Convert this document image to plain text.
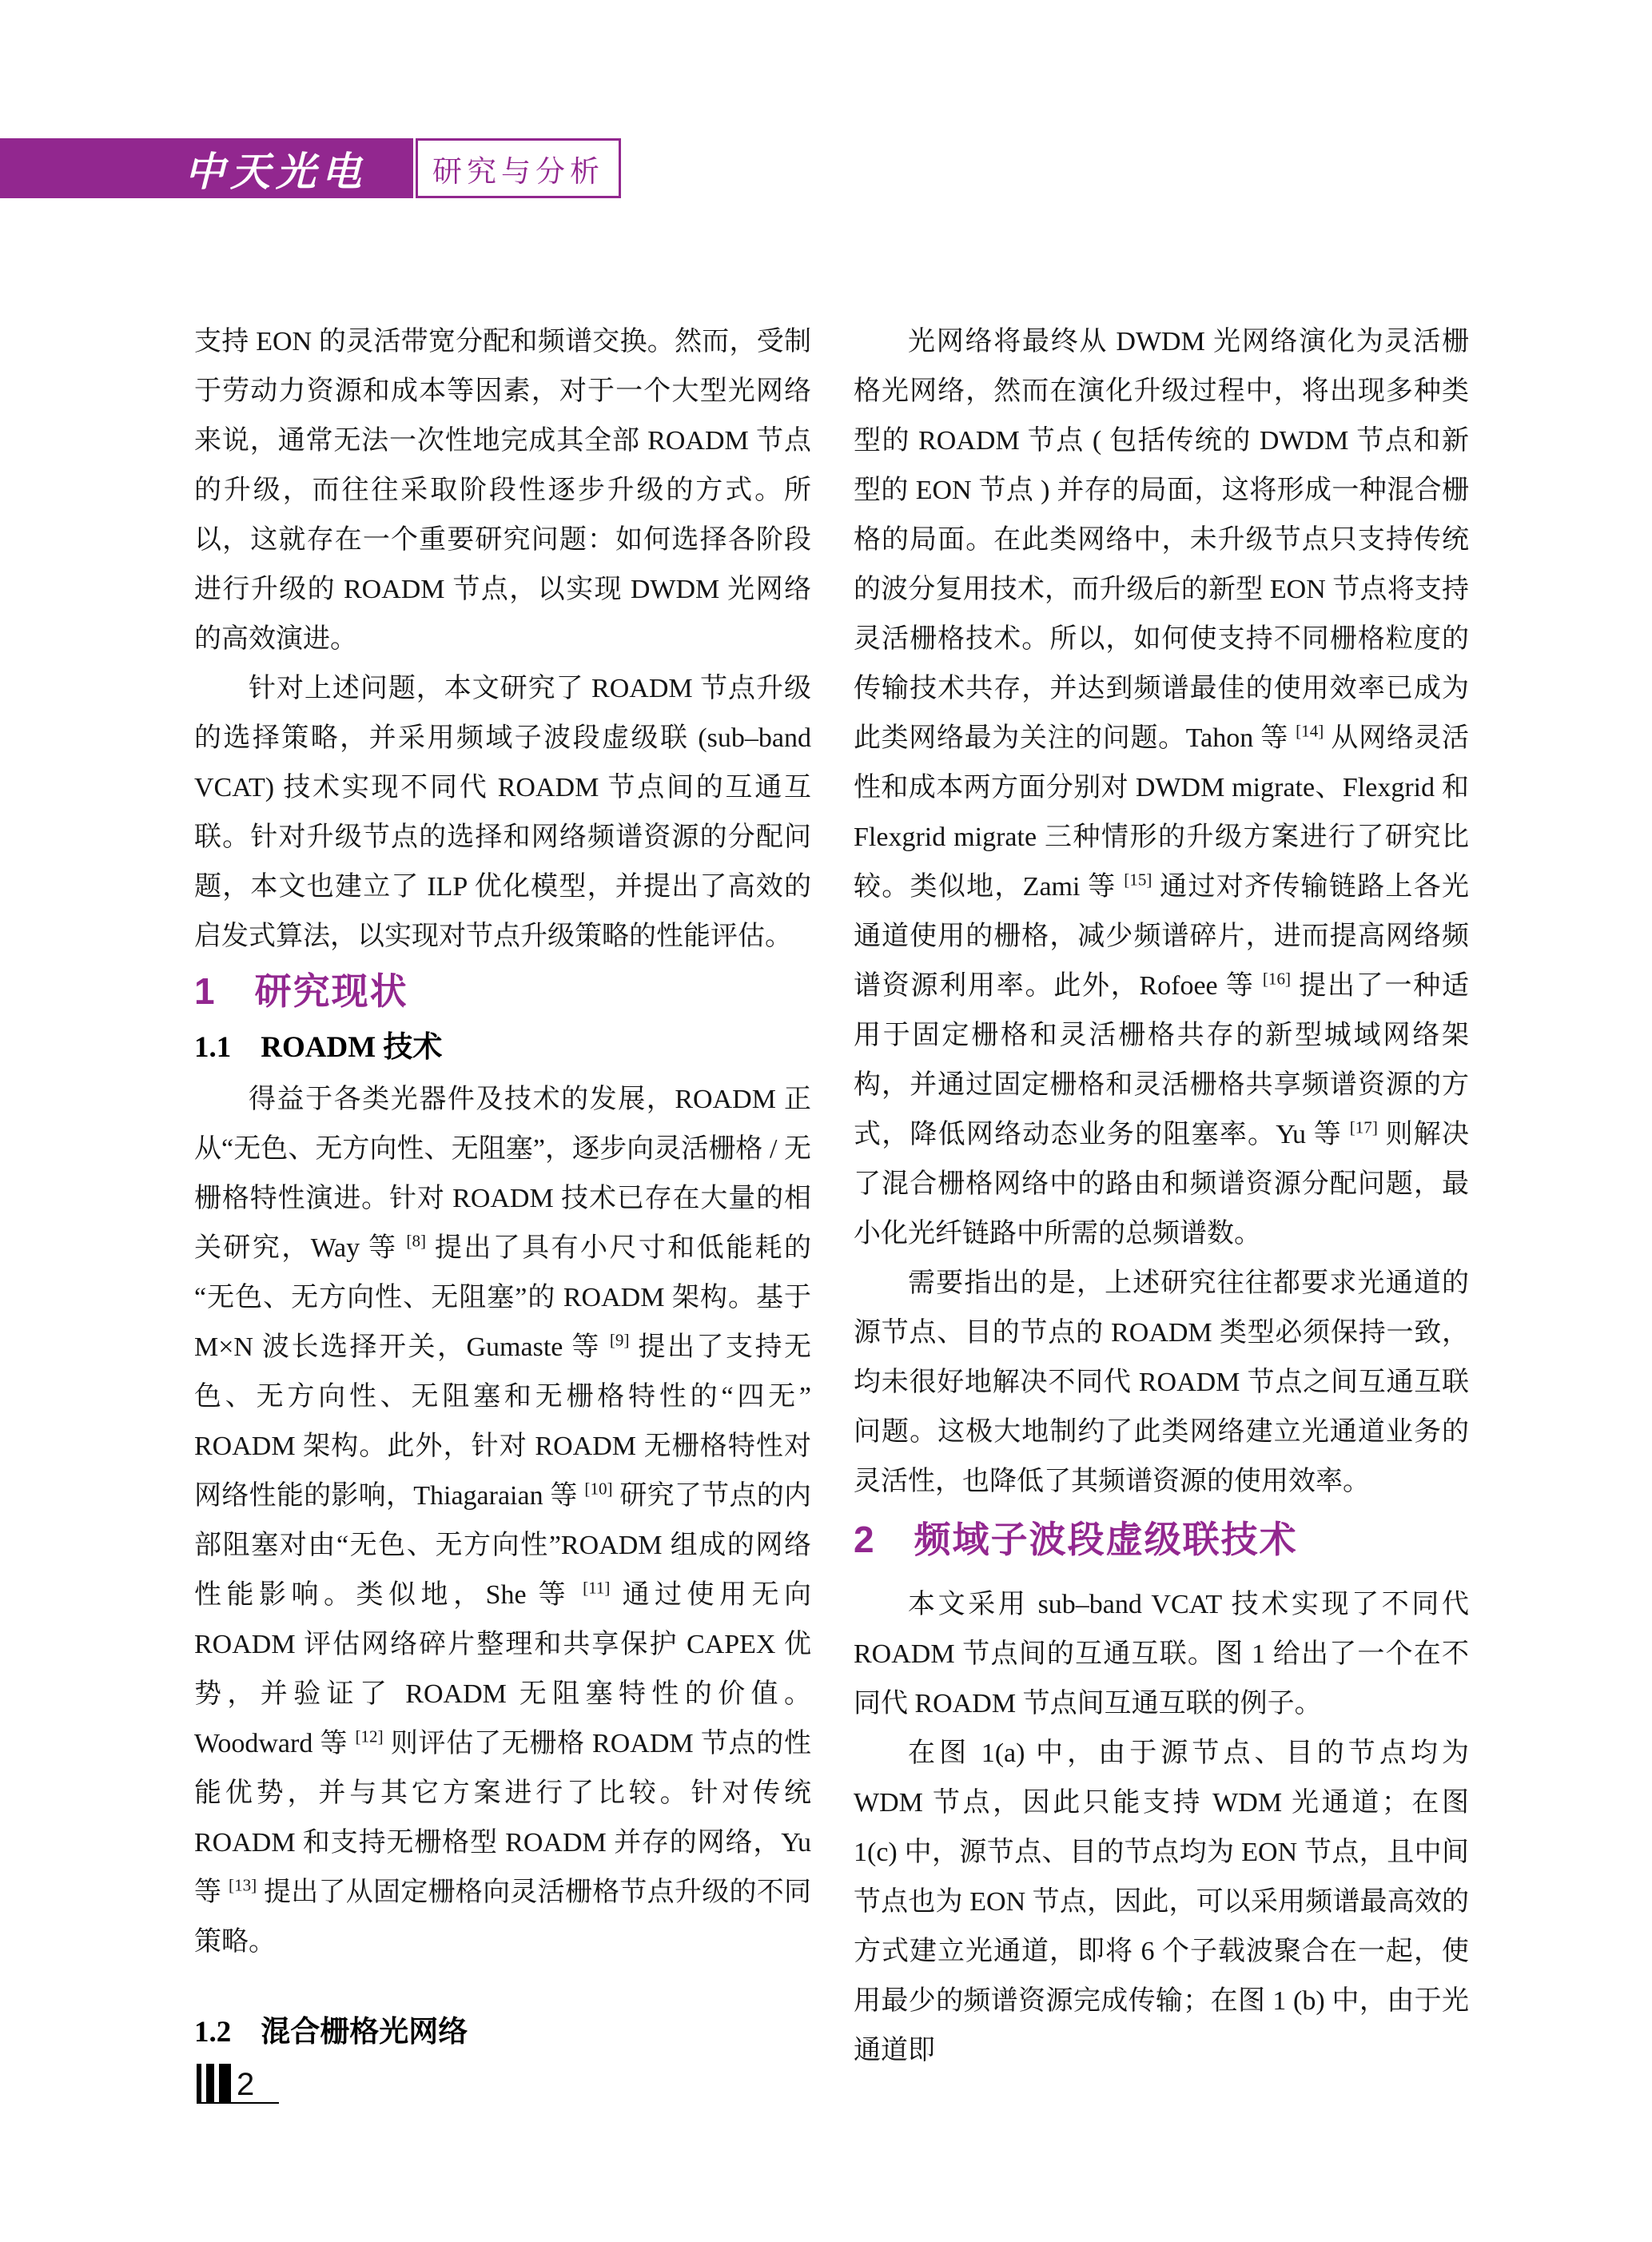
中天光电 研究与分析

支持 EON 的灵活带宽分配和频谱交换。然而，受制于劳动力资源和成本等因素，对于一个大型光网络来说，通常无法一次性地完成其全部 ROADM 节点的升级，而往往采取阶段性逐步升级的方式。所以，这就存在一个重要研究问题：如何选择各阶段进行升级的 ROADM 节点，以实现 DWDM 光网络的高效演进。

针对上述问题，本文研究了 ROADM 节点升级的选择策略，并采用频域子波段虚级联 (sub–band VCAT) 技术实现不同代 ROADM 节点间的互通互联。针对升级节点的选择和网络频谱资源的分配问题，本文也建立了 ILP 优化模型，并提出了高效的启发式算法，以实现对节点升级策略的性能评估。

1　研究现状
1.1　ROADM 技术

得益于各类光器件及技术的发展，ROADM 正从“无色、无方向性、无阻塞”，逐步向灵活栅格 / 无栅格特性演进。针对 ROADM 技术已存在大量的相关研究，Way 等 [8] 提出了具有小尺寸和低能耗的“无色、无方向性、无阻塞”的 ROADM 架构。基于 M×N 波长选择开关，Gumaste 等 [9] 提出了支持无色、无方向性、无阻塞和无栅格特性的“四无”ROADM 架构。此外，针对 ROADM 无栅格特性对网络性能的影响，Thiagaraian 等 [10] 研究了节点的内部阻塞对由“无色、无方向性”ROADM 组成的网络性能影响。类似地，She 等 [11] 通过使用无向 ROADM 评估网络碎片整理和共享保护 CAPEX 优势，并验证了 ROADM 无阻塞特性的价值。Woodward 等 [12] 则评估了无栅格 ROADM 节点的性能优势，并与其它方案进行了比较。针对传统 ROADM 和支持无栅格型 ROADM 并存的网络，Yu 等 [13] 提出了从固定栅格向灵活栅格节点升级的不同策略。

1.2　混合栅格光网络

光网络将最终从 DWDM 光网络演化为灵活栅格光网络，然而在演化升级过程中，将出现多种类型的 ROADM 节点 ( 包括传统的 DWDM 节点和新型的 EON 节点 ) 并存的局面，这将形成一种混合栅格的局面。在此类网络中，未升级节点只支持传统的波分复用技术，而升级后的新型 EON 节点将支持灵活栅格技术。所以，如何使支持不同栅格粒度的传输技术共存，并达到频谱最佳的使用效率已成为此类网络最为关注的问题。Tahon 等 [14] 从网络灵活性和成本两方面分别对 DWDM migrate、Flexgrid 和 Flexgrid migrate 三种情形的升级方案进行了研究比较。类似地，Zami 等 [15] 通过对齐传输链路上各光通道使用的栅格，减少频谱碎片，进而提高网络频谱资源利用率。此外，Rofoee 等 [16] 提出了一种适用于固定栅格和灵活栅格共存的新型城域网络架构，并通过固定栅格和灵活栅格共享频谱资源的方式，降低网络动态业务的阻塞率。Yu 等 [17] 则解决了混合栅格网络中的路由和频谱资源分配问题，最小化光纤链路中所需的总频谱数。

需要指出的是，上述研究往往都要求光通道的源节点、目的节点的 ROADM 类型必须保持一致，均未很好地解决不同代 ROADM 节点之间互通互联问题。这极大地制约了此类网络建立光通道业务的灵活性，也降低了其频谱资源的使用效率。

2　频域子波段虚级联技术

本文采用 sub–band VCAT 技术实现了不同代 ROADM 节点间的互通互联。图 1 给出了一个在不同代 ROADM 节点间互通互联的例子。

在图 1(a) 中，由于源节点、目的节点均为 WDM 节点，因此只能支持 WDM 光通道；在图 1(c) 中，源节点、目的节点均为 EON 节点，且中间节点也为 EON 节点，因此，可以采用频谱最高效的方式建立光通道，即将 6 个子载波聚合在一起，使用最少的频谱资源完成传输；在图 1 (b) 中，由于光通道即

2
